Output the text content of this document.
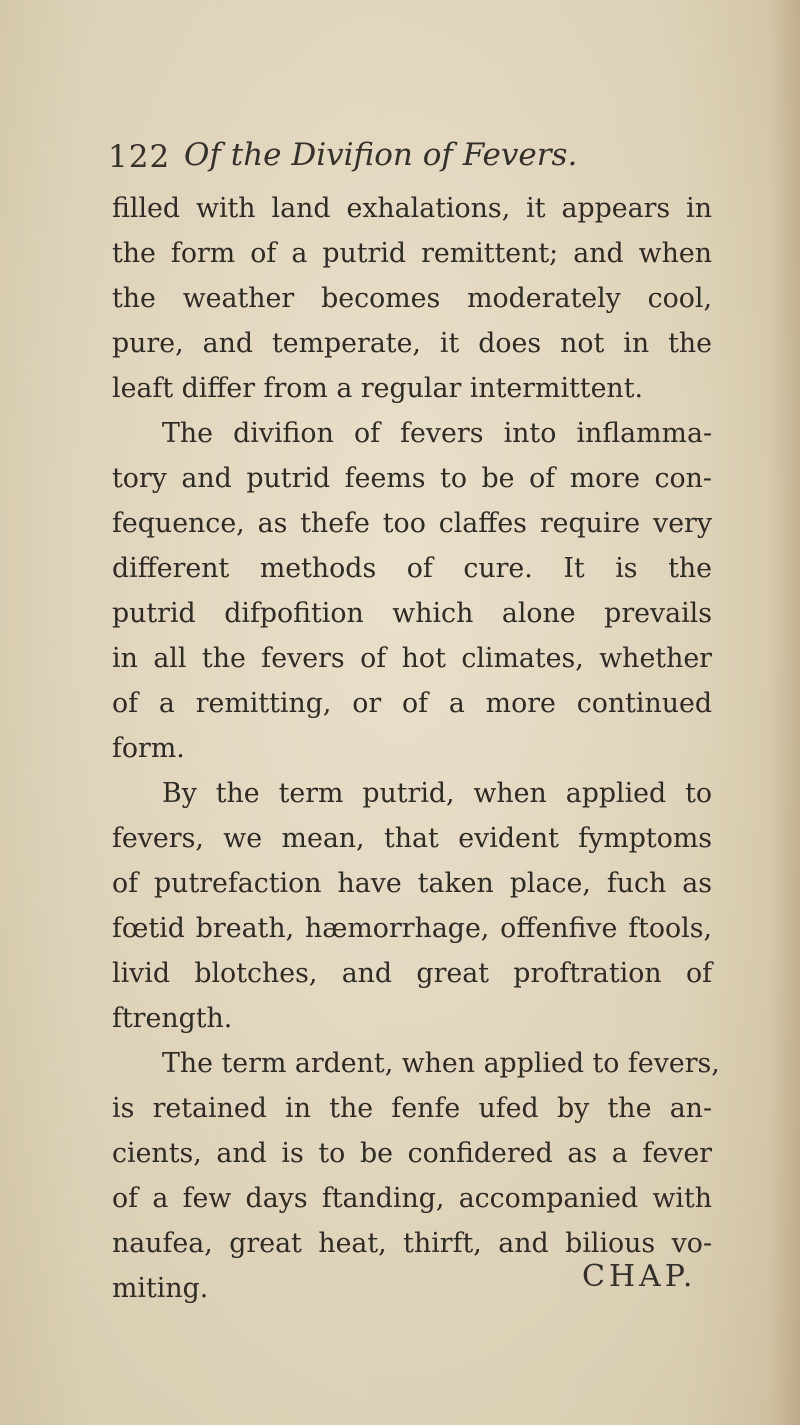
122 Of the Divifion of Fevers.
filled with land exhalations, it appears in
the form of a putrid remittent; and when
the weather becomes moderately cool,
pure, and temperate, it does not in the
leaft differ from a regular intermittent.
The divifion of fevers into inflamma-
tory and putrid feems to be of more con-
fequence, as thefe too claffes require very
different methods of cure. It is the
putrid difpofition which alone prevails
in all the fevers of hot climates, whether
of a remitting, or of a more continued
form.
By the term putrid, when applied to
fevers, we mean, that evident fymptoms
of putrefaction have taken place, fuch as
fœtid breath, hæmorrhage, offenfive ftools,
livid blotches, and great proftration of
ftrength.
The term ardent, when applied to fevers,
is retained in the fenfe ufed by the an-
cients, and is to be confidered as a fever
of a few days ftanding, accompanied with
naufea, great heat, thirft, and bilious vo-
miting.	CHAP.
